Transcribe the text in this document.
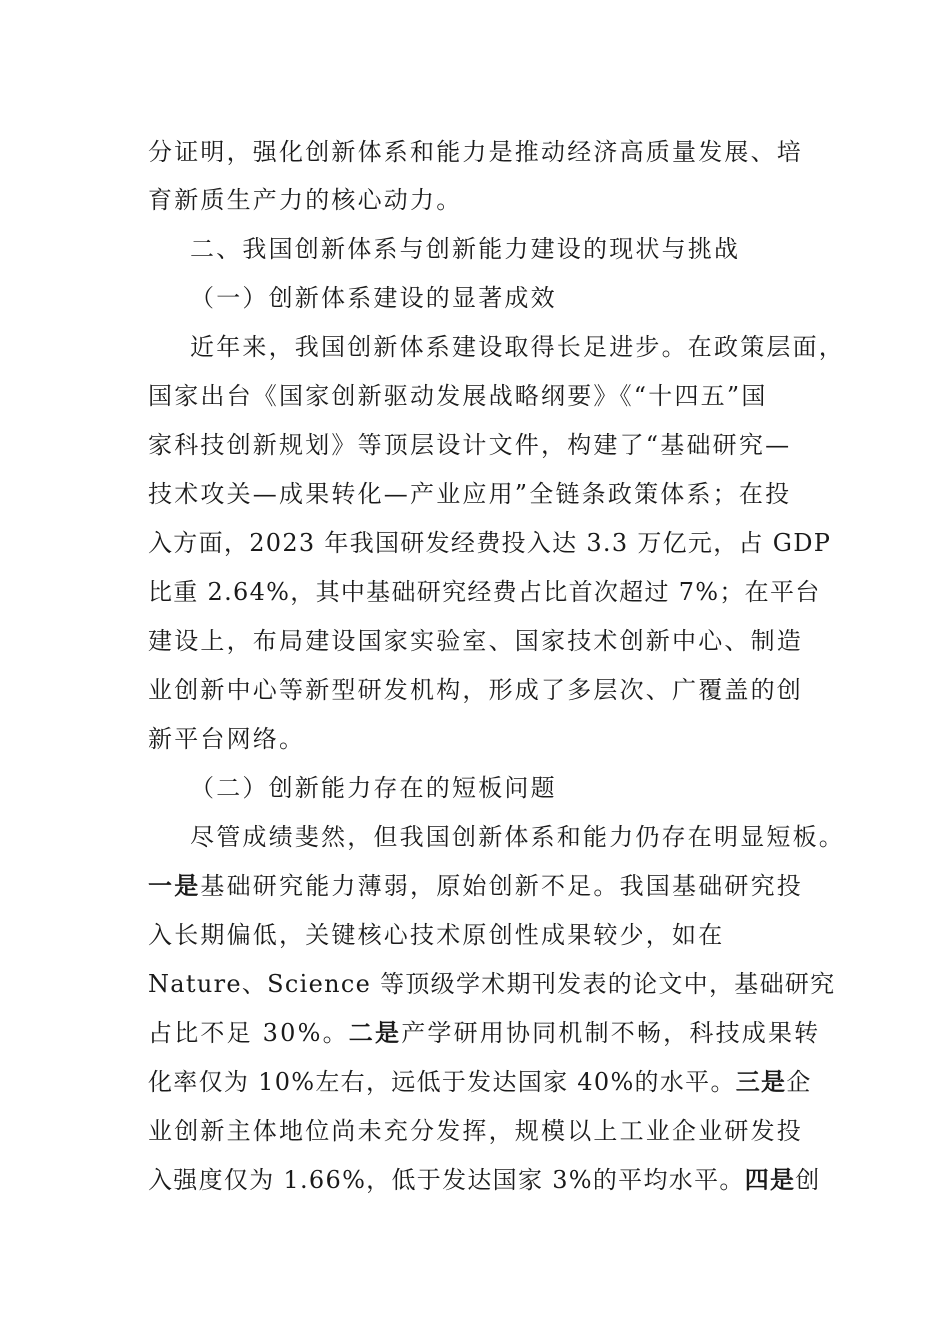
分证明，强化创新体系和能力是推动经济高质量发展、培
育新质生产力的核心动力。
二、我国创新体系与创新能力建设的现状与挑战
（一）创新体系建设的显著成效
近年来，我国创新体系建设取得长足进步。在政策层面，
国家出台《国家创新驱动发展战略纲要》《“十四五”国
家科技创新规划》等顶层设计文件，构建了“基础研究—
技术攻关—成果转化—产业应用”全链条政策体系；在投
入方面，2023 年我国研发经费投入达 3.3 万亿元，占 GDP
比重 2.64%，其中基础研究经费占比首次超过 7%；在平台
建设上，布局建设国家实验室、国家技术创新中心、制造
业创新中心等新型研发机构，形成了多层次、广覆盖的创
新平台网络。
（二）创新能力存在的短板问题
尽管成绩斐然，但我国创新体系和能力仍存在明显短板。
一是基础研究能力薄弱，原始创新不足。我国基础研究投
入长期偏低，关键核心技术原创性成果较少，如在
Nature、Science 等顶级学术期刊发表的论文中，基础研究
占比不足 30%。二是产学研用协同机制不畅，科技成果转
化率仅为 10%左右，远低于发达国家 40%的水平。三是企
业创新主体地位尚未充分发挥，规模以上工业企业研发投
入强度仅为 1.66%，低于发达国家 3%的平均水平。四是创
